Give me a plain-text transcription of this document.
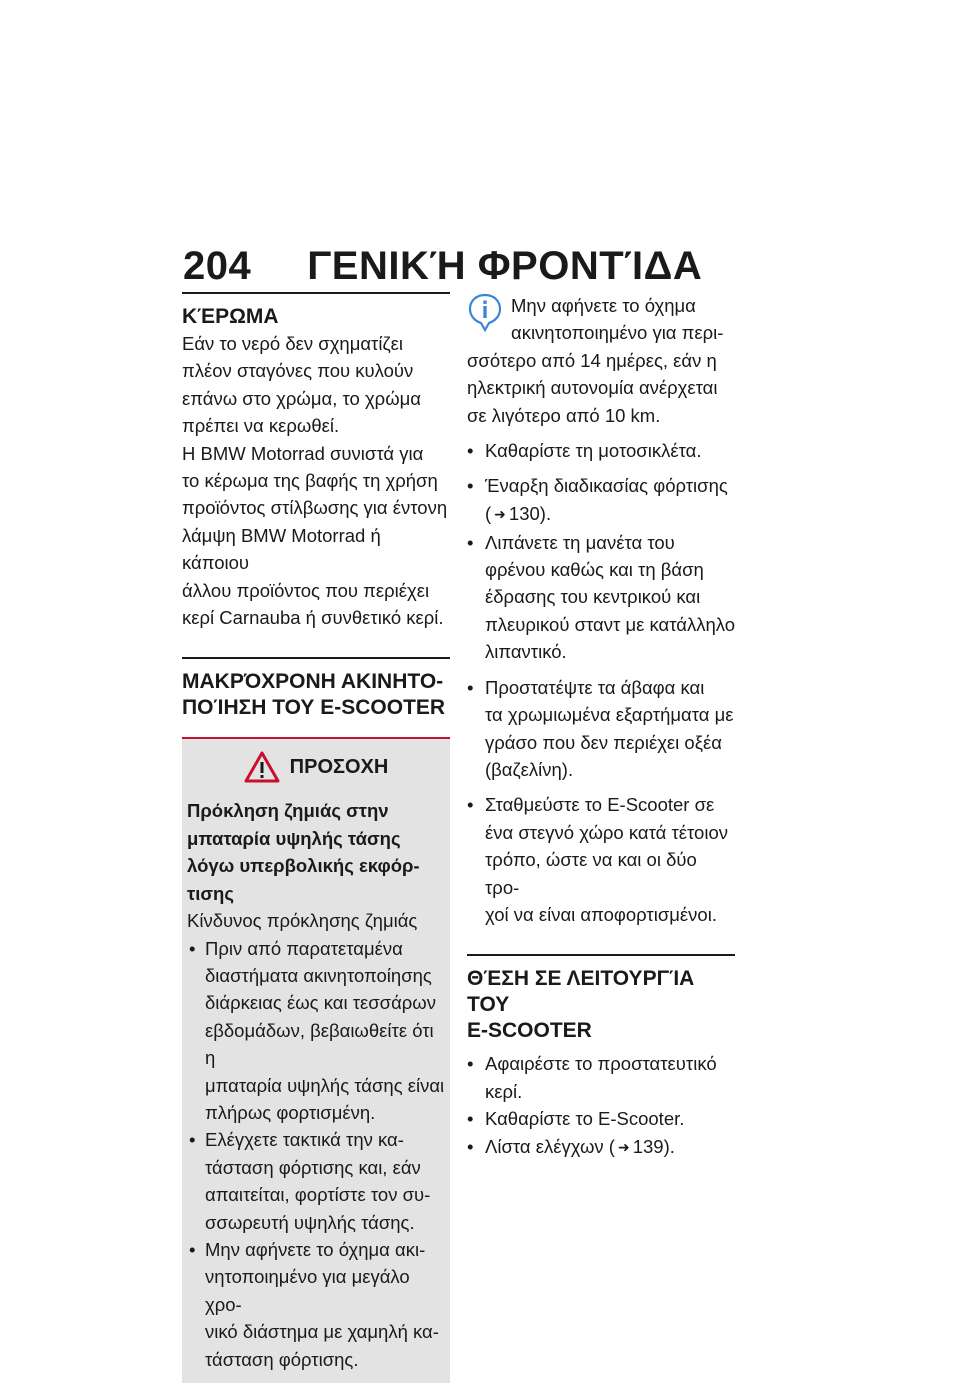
204 ΓΕΝΙΚΉ ΦΡΟΝΤΊΔΑ
ΚΈΡΩΜΑ

Εάν το νερό δεν σχηματίζει
πλέον σταγόνες που κυλούν
επάνω στο χρώμα, το χρώμα
πρέπει να κερωθεί.

Η BMW Motorrad συνιστά για
το κέρωμα της βαφής τη χρήση
προϊόντος στίλβωσης για έντονη
λάμψη BMW Motorrad ή κάποιου
άλλου προϊόντος που περιέχει
κερί Carnauba ή συνθετικό κερί.

ΜΑΚΡΌΧΡΟΝΗ ΑΚΙΝΗΤΟ-
ΠΟΊΗΣΗ ΤΟΥ E-SCOOTER
ΠΡΟΣΟΧΗ
Πρόκληση ζημιάς στην
μπαταρία υψηλής τάσης
λόγω υπερβολικής εκφόρ-
τισης

Κίνδυνος πρόκλησης ζημιάς

• Πριν από παρατεταμένα
διαστήματα ακινητοποίησης
διάρκειας έως και τεσσάρων
εβδομάδων, βεβαιωθείτε ότι η
μπαταρία υψηλής τάσης είναι
πλήρως φορτισμένη.
• Ελέγχετε τακτικά την κα-
τάσταση φόρτισης και, εάν
απαιτείται, φορτίστε τον συ-
σσωρευτή υψηλής τάσης.
• Μην αφήνετε το όχημα ακι-
νητοποιημένο για μεγάλο χρο-
νικό διάστημα με χαμηλή κα-
τάσταση φόρτισης.

Μην αφήνετε το όχημα
ακινητοποιημένο για περι-

σσότερο από 14 ημέρες, εάν η
ηλεκτρική αυτονομία ανέρχεται
σε λιγότερο από 10 km.

• Καθαρίστε τη μοτοσικλέτα.
• Έναρξη διαδικασίας φόρτισης
( ➜ 130).
• Λιπάνετε τη μανέτα του
φρένου καθώς και τη βάση
έδρασης του κεντρικού και
πλευρικού σταντ με κατάλληλο
λιπαντικό.
• Προστατέψτε τα άβαφα και
τα χρωμιωμένα εξαρτήματα με
γράσο που δεν περιέχει οξέα
(βαζελίνη).
• Σταθμεύστε το E-Scooter σε
ένα στεγνό χώρο κατά τέτοιον
τρόπο, ώστε να και οι δύο τρο-
χοί να είναι αποφορτισμένοι.
ΘΈΣΗ ΣΕ ΛΕΙΤΟΥΡΓΊΑ ΤΟΥ
E-SCOOTER
• Αφαιρέστε το προστατευτικό
κερί.
• Καθαρίστε το E-Scooter.
• Λίστα ελέγχων ( ➜ 139).
